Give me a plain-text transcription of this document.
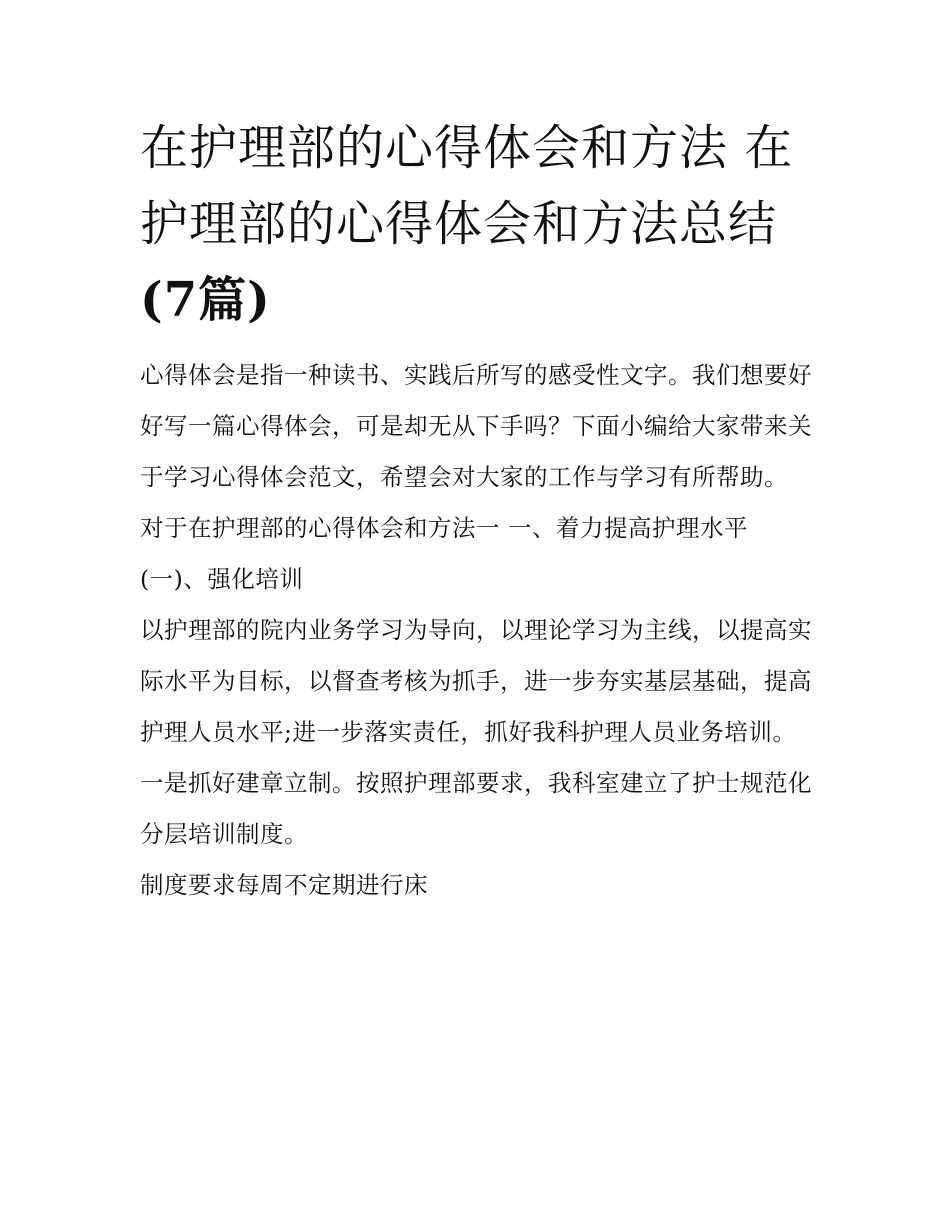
在护理部的心得体会和方法 在护理部的心得体会和方法总结
(7篇)

心得体会是指一种读书、实践后所写的感受性文字。我们想要好好写一篇心得体会，可是却无从下手吗？下面小编给大家带来关于学习心得体会范文，希望会对大家的工作与学习有所帮助。

对于在护理部的心得体会和方法一 一、着力提高护理水平

(一)、强化培训

以护理部的院内业务学习为导向，以理论学习为主线，以提高实际水平为目标，以督查考核为抓手，进一步夯实基层基础，提高护理人员水平;进一步落实责任，抓好我科护理人员业务培训。一是抓好建章立制。按照护理部要求，我科室建立了护士规范化分层培训制度。

制度要求每周不定期进行床
